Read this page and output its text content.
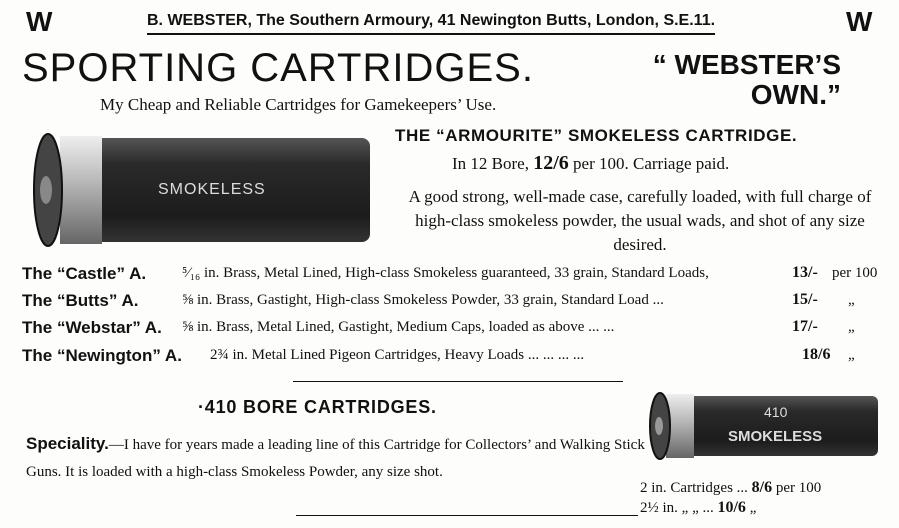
W	B. WEBSTER, The Southern Armoury, 41 Newington Butts, London, S.E.11.	W
SPORTING CARTRIDGES.	“ WEBSTER’S
OWN.”
My Cheap and Reliable Cartridges for Gamekeepers’ Use.
SMOKELESS
THE “ARMOURITE” SMOKELESS CARTRIDGE.
In 12 Bore, 12/6 per 100. Carriage paid.
A good strong, well-made case, carefully loaded, with full charge of high-class smokeless powder, the usual wads, and shot of any size desired.
The “Castle” A. ⁵⁄₁₆ in. Brass, Metal Lined, High-class Smokeless guaranteed, 33 grain, Standard Loads,	13/- per 100
The “Butts” A.	⅝ in. Brass, Gastight, High-class Smokeless Powder, 33 grain, Standard Load ...	15/- „
The “Webstar” A. ⅝ in. Brass, Metal Lined, Gastight, Medium Caps, loaded as above ... ...	17/- „
The “Newington” A. 2¾ in. Metal Lined Pigeon Cartridges, Heavy Loads ... ... ... ...	18/6 „
·410 BORE CARTRIDGES.
Speciality.—I have for years made a leading line of this Cartridge for Collectors’ and Walking Stick Guns. It is loaded with a high-class Smokeless Powder, any size shot.
410
SMOKELESS
2 in. Cartridges ... 8/6 per 100
2½ in. „ „ ... 10/6 „
